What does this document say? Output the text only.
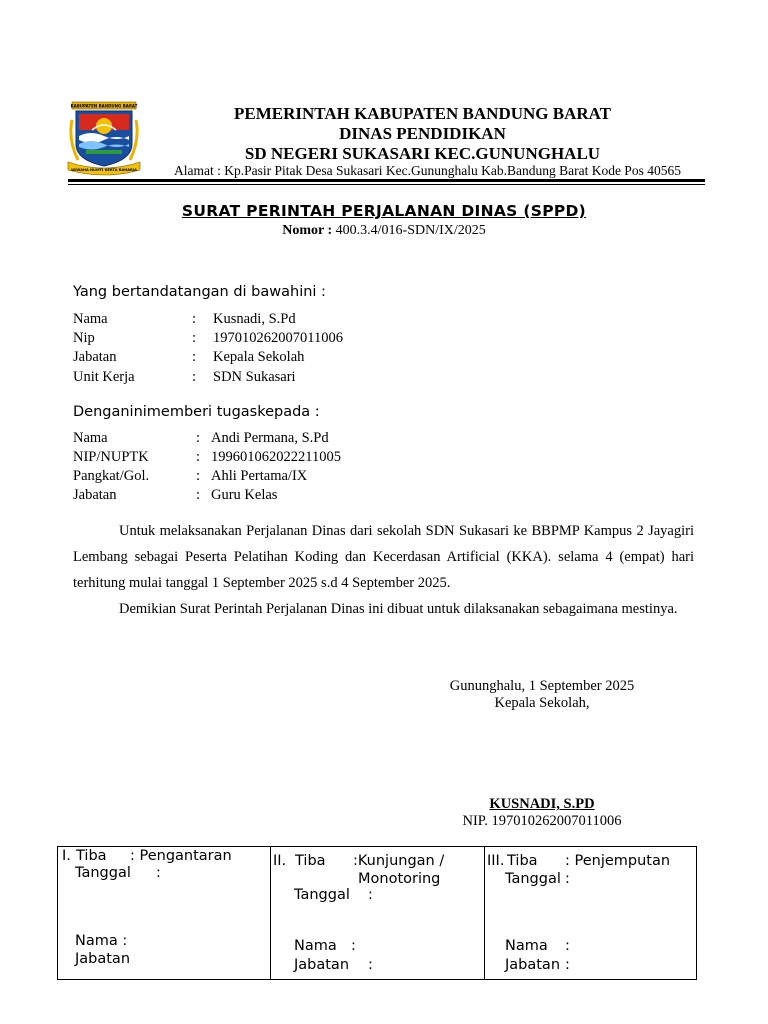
KABUPATEN BANDUNG BARAT
WIWAHA NUMTI KERTA RAHARJA
PEMERINTAH KABUPATEN BANDUNG BARAT
DINAS PENDIDIKAN
SD NEGERI SUKASARI KEC.GUNUNGHALU
Alamat : Kp.Pasir Pitak Desa Sukasari Kec.Gununghalu Kab.Bandung Barat Kode Pos 40565
SURAT PERINTAH PERJALANAN DINAS (SPPD)
Nomor : 400.3.4/016-SDN/IX/2025
Yang bertandatangan di bawahini :
Nama	: Kusnadi, S.Pd
Nip	: 197010262007011006
Jabatan	: Kepala Sekolah
Unit Kerja	: SDN Sukasari
Denganinimemberi tugaskepada :
Nama	: Andi Permana, S.Pd
NIP/NUPTK	: 199601062022211005
Pangkat/Gol.	: Ahli Pertama/IX
Jabatan	: Guru Kelas
Untuk melaksanakan Perjalanan Dinas dari sekolah SDN Sukasari ke BBPMP Kampus 2 Jayagiri Lembang sebagai Peserta Pelatihan Koding dan Kecerdasan Artificial (KKA). selama 4 (empat) hari terhitung mulai tanggal 1 September 2025 s.d 4 September 2025.
Demikian Surat Perintah Perjalanan Dinas ini dibuat untuk dilaksanakan sebagaimana mestinya.
Gununghalu, 1 September 2025
Kepala Sekolah,
KUSNADI, S.PD
NIP. 197010262007011006
I. Tiba : Pengantaran
Tanggal :
Nama :
Jabatan

II. Tiba :Kunjungan /
Monotoring
Tanggal :
Nama :
Jabatan :

III. Tiba : Penjemputan
Tanggal :
Nama :
Jabatan :
